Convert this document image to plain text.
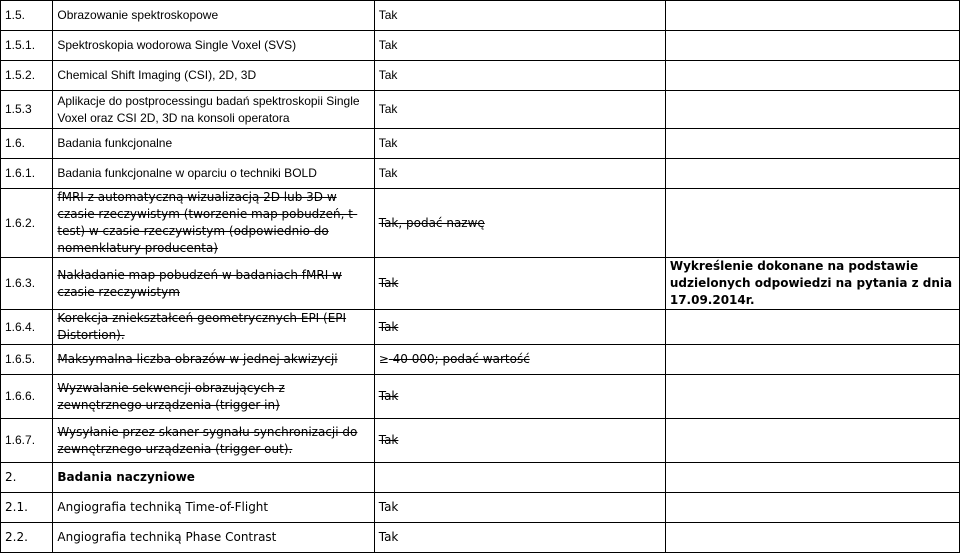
1.5.	Obrazowanie spektroskopowe	Tak	
1.5.1.	Spektroskopia wodorowa Single Voxel (SVS)	Tak	
1.5.2.	Chemical Shift Imaging (CSI), 2D, 3D	Tak	
1.5.3	Aplikacje do postprocessingu badań spektroskopii Single Voxel oraz CSI 2D, 3D na konsoli operatora	Tak	
1.6.	Badania funkcjonalne	Tak	
1.6.1.	Badania funkcjonalne w oparciu o techniki BOLD	Tak	
1.6.2.	fMRI z automatyczną wizualizacją 2D lub 3D w czasie rzeczywistym (tworzenie map pobudzeń, t-test) w czasie rzeczywistym (odpowiednio do nomenklatury producenta)	Tak, podać nazwę	
1.6.3.	Nakładanie map pobudzeń w badaniach fMRI w czasie rzeczywistym	Tak	Wykreślenie dokonane na podstawie udzielonych odpowiedzi na pytania z dnia 17.09.2014r.
1.6.4.	Korekcja zniekształceń geometrycznych EPI (EPI Distortion).	Tak	
1.6.5.	Maksymalna liczba obrazów w jednej akwizycji	≥ 40 000; podać wartość	
1.6.6.	Wyzwalanie sekwencji obrazujących z zewnętrznego urządzenia (trigger in)	Tak	
1.6.7.	Wysyłanie przez skaner sygnału synchronizacji do zewnętrznego urządzenia (trigger out).	Tak	
2.	Badania naczyniowe		
2.1.	Angiografia techniką Time-of-Flight	Tak	
2.2.	Angiografia techniką Phase Contrast	Tak	
